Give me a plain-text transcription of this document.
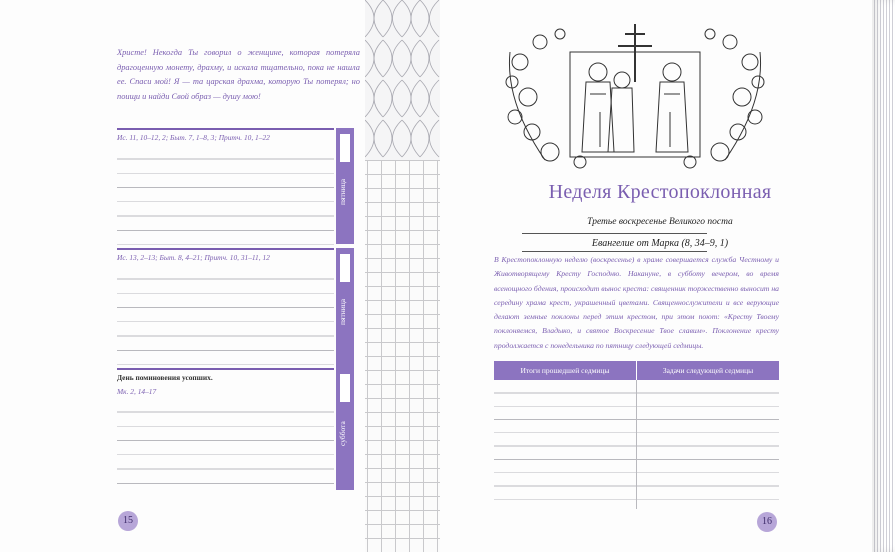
Христе! Некогда Ты говорил о женщине, которая потеряла драгоценную монету, драхму, и искала тщательно, пока не нашла ее. Спаси мой! Я — та царская драхма, которую Ты потерял; но поищи и найди Свой образ — душу мою!
Ис. 11, 10–12, 2; Быт. 7, 1–8, 3; Притч. 10, 1–22
пятница
Ис. 13, 2–13; Быт. 8, 4–21; Притч. 10, 31–11, 12
пятница
День поминовения усопших.
Мк. 2, 14–17
суббота
15
Неделя Крестопоклонная
Третье воскресенье Великого поста
Евангелие от Марка (8, 34–9, 1)
В Крестопоклонную неделю (воскресенье) в храме совершается служба Честному и Животворящему Кресту Господню. Накануне, в субботу вечером, во время всенощного бдения, происходит вынос креста: священник торжественно выносит на середину храма крест, украшенный цветами. Священнослужители и все верующие делают земные поклоны перед этим крестом, при этом поют: «Кресту Твоему поклоняемся, Владыко, и святое Воскресение Твое славим». Поклонение кресту продолжается с понедельника по пятницу следующей седмицы.
Итоги прошедшей седмицы	Задачи следующей седмицы
16
